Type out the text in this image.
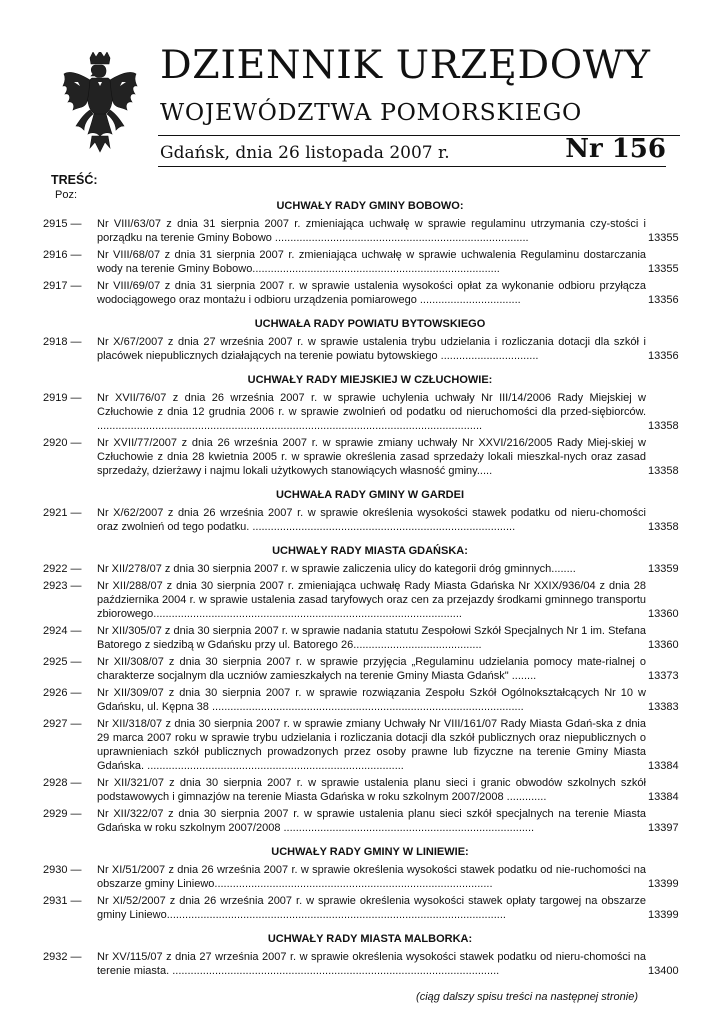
DZIENNIK URZĘDOWY
WOJEWÓDZTWA POMORSKIEGO
Gdańsk, dnia 26 listopada 2007 r.	Nr 156
TREŚĆ:
Poz:
UCHWAŁY RADY GMINY BOBOWO:
2915 —	Nr VIII/63/07 z dnia 31 sierpnia 2007 r. zmieniająca uchwałę w sprawie regulaminu utrzymania czy-stości i porządku na terenie Gminy Bobowo ...................................................................................	13355
2916 —	Nr VIII/68/07 z dnia 31 sierpnia 2007 r. zmieniająca uchwałę w sprawie uchwalenia Regulaminu dostarczania wody na terenie Gminy Bobowo.................................................................................	13355
2917 —	Nr VIII/69/07 z dnia 31 sierpnia 2007 r. w sprawie ustalenia wysokości opłat za wykonanie odbioru przyłącza wodociągowego oraz montażu i odbioru urządzenia pomiarowego .................................	13356
UCHWAŁA RADY POWIATU BYTOWSKIEGO
2918 —	Nr X/67/2007 z dnia 27 września 2007 r. w sprawie ustalenia trybu udzielania i rozliczania dotacji dla szkół i placówek niepublicznych działających na terenie powiatu bytowskiego ................................	13356
UCHWAŁY RADY MIEJSKIEJ W CZŁUCHOWIE:
2919 —	Nr XVII/76/07 z dnia 26 września 2007 r. w sprawie uchylenia uchwały Nr III/14/2006 Rady Miejskiej w Człuchowie z dnia 12 grudnia 2006 r. w sprawie zwolnień od podatku od nieruchomości dla przed-siębiorców. ..............................................................................................................................	13358
2920 —	Nr XVII/77/2007 z dnia 26 września 2007 r. w sprawie zmiany uchwały Nr XXVI/216/2005 Rady Miej-skiej w Człuchowie z dnia 28 kwietnia 2005 r. w sprawie określenia zasad sprzedaży lokali mieszkal-nych oraz zasad sprzedaży, dzierżawy i najmu lokali użytkowych stanowiących własność gminy.....	13358
UCHWAŁA RADY GMINY W GARDEI
2921 —	Nr X/62/2007 z dnia 26 września 2007 r. w sprawie określenia wysokości stawek podatku od nieru-chomości oraz zwolnień od tego podatku. ......................................................................................	13358
UCHWAŁY RADY MIASTA GDAŃSKA:
2922 —	Nr XII/278/07 z dnia 30 sierpnia 2007 r. w sprawie zaliczenia ulicy do kategorii dróg gminnych........	13359
2923 —	Nr XII/288/07 z dnia 30 sierpnia 2007 r. zmieniająca uchwałę Rady Miasta Gdańska Nr XXIX/936/04 z dnia 28 października 2004 r. w sprawie ustalenia zasad taryfowych oraz cen za przejazdy środkami gminnego transportu zbiorowego.....................................................................................................	13360
2924 —	Nr XII/305/07 z dnia 30 sierpnia 2007 r. w sprawie nadania statutu Zespołowi Szkół Specjalnych Nr 1 im. Stefana Batorego z siedzibą w Gdańsku przy ul. Batorego 26..........................................	13360
2925 —	Nr XII/308/07 z dnia 30 sierpnia 2007 r. w sprawie przyjęcia „Regulaminu udzielania pomocy mate-rialnej o charakterze socjalnym dla uczniów zamieszkałych na terenie Gminy Miasta Gdańsk" ........	13373
2926 —	Nr XII/309/07 z dnia 30 sierpnia 2007 r. w sprawie rozwiązania Zespołu Szkół Ogólnokształcących Nr 10 w Gdańsku, ul. Kępna 38 ......................................................................................................	13383
2927 —	Nr XII/318/07 z dnia 30 sierpnia 2007 r. w sprawie zmiany Uchwały Nr VIII/161/07 Rady Miasta Gdań-ska z dnia 29 marca 2007 roku w sprawie trybu udzielania i rozliczania dotacji dla szkół publicznych oraz niepublicznych o uprawnieniach szkół publicznych prowadzonych przez osoby prawne lub fizyczne na terenie Gminy Miasta Gdańska. ....................................................................................	13384
2928 —	Nr XII/321/07 z dnia 30 sierpnia 2007 r. w sprawie ustalenia planu sieci i granic obwodów szkolnych szkół podstawowych i gimnazjów na terenie Miasta Gdańska w roku szkolnym 2007/2008 .............	13384
2929 —	Nr XII/322/07 z dnia 30 sierpnia 2007 r. w sprawie ustalenia planu sieci szkół specjalnych na terenie Miasta Gdańska w roku szkolnym 2007/2008 ..................................................................................	13397
UCHWAŁY RADY GMINY W LINIEWIE:
2930 —	Nr XI/51/2007 z dnia 26 września 2007 r. w sprawie określenia wysokości stawek podatku od nie-ruchomości na obszarze gminy Liniewo...........................................................................................	13399
2931 —	Nr XI/52/2007 z dnia 26 września 2007 r. w sprawie określenia wysokości stawek opłaty targowej na obszarze gminy Liniewo...............................................................................................................	13399
UCHWAŁY RADY MIASTA MALBORKA:
2932 —	Nr XV/115/07 z dnia 27 września 2007 r. w sprawie określenia wysokości stawek podatku od nieru-chomości na terenie miasta. ...........................................................................................................	13400
(ciąg dalszy spisu treści na następnej stronie)
